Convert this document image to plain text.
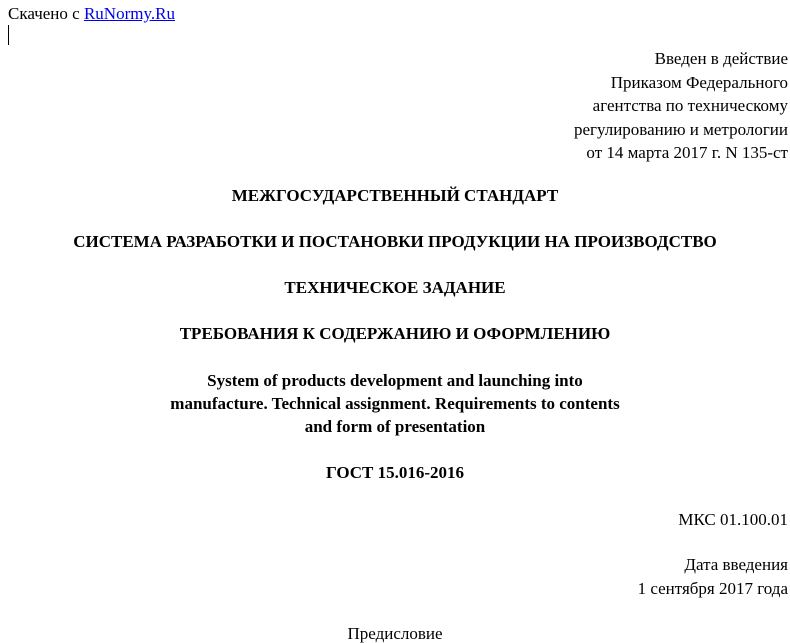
Скачено с RuNormy.Ru
Введен в действие
Приказом Федерального
агентства по техническому
регулированию и метрологии
от 14 марта 2017 г. N 135-ст
МЕЖГОСУДАРСТВЕННЫЙ СТАНДАРТ
СИСТЕМА РАЗРАБОТКИ И ПОСТАНОВКИ ПРОДУКЦИИ НА ПРОИЗВОДСТВО
ТЕХНИЧЕСКОЕ ЗАДАНИЕ
ТРЕБОВАНИЯ К СОДЕРЖАНИЮ И ОФОРМЛЕНИЮ
System of products development and launching into
manufacture. Technical assignment. Requirements to contents
and form of presentation
ГОСТ 15.016-2016
МКС 01.100.01
Дата введения
1 сентября 2017 года
Предисловие
